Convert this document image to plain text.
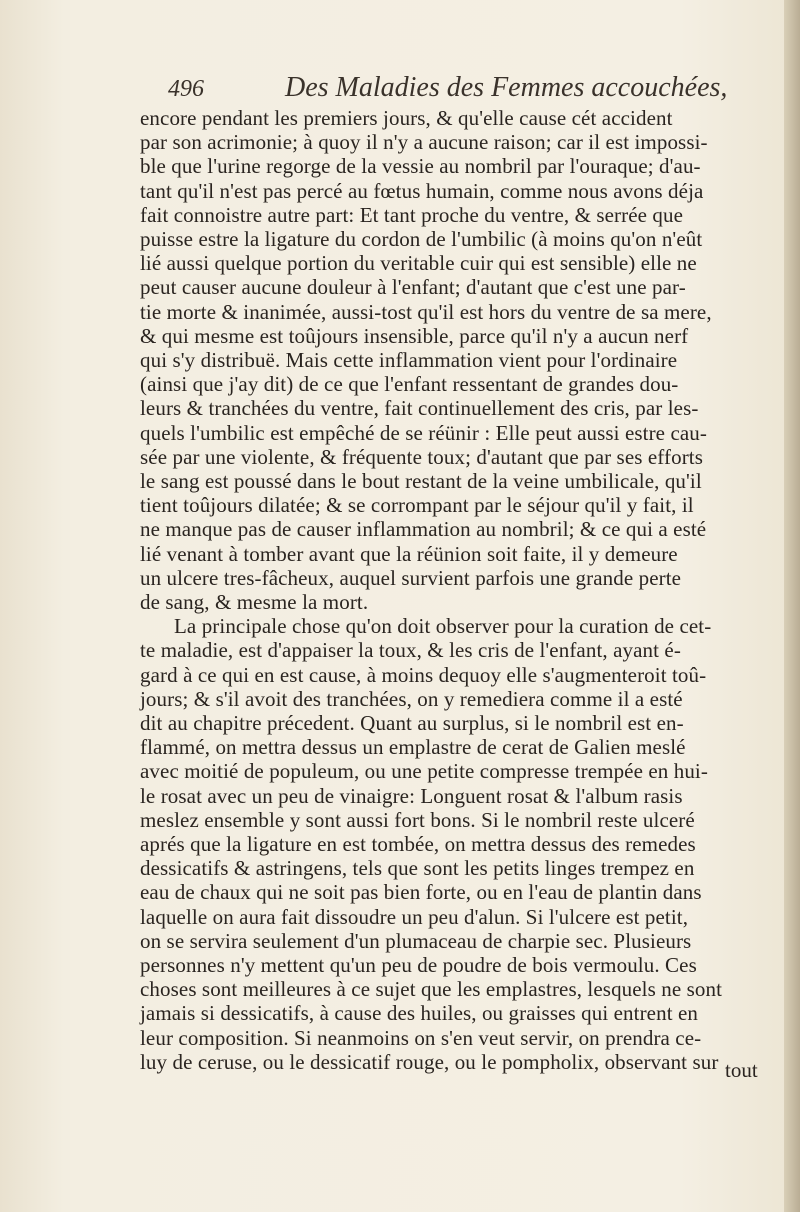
496	Des Maladies des Femmes accouchées,
encore pendant les premiers jours, & qu'elle cause cét accident
par son acrimonie; à quoy il n'y a aucune raison; car il est impossi-
ble que l'urine regorge de la vessie au nombril par l'ouraque; d'au-
tant qu'il n'est pas percé au fœtus humain, comme nous avons déja
fait connoistre autre part: Et tant proche du ventre, & serrée que
puisse estre la ligature du cordon de l'umbilic (à moins qu'on n'eût
lié aussi quelque portion du veritable cuir qui est sensible) elle ne
peut causer aucune douleur à l'enfant; d'autant que c'est une par-
tie morte & inanimée, aussi-tost qu'il est hors du ventre de sa mere,
& qui mesme est toûjours insensible, parce qu'il n'y a aucun nerf
qui s'y distribuë. Mais cette inflammation vient pour l'ordinaire
(ainsi que j'ay dit) de ce que l'enfant ressentant de grandes dou-
leurs & tranchées du ventre, fait continuellement des cris, par les-
quels l'umbilic est empêché de se réünir : Elle peut aussi estre cau-
sée par une violente, & fréquente toux; d'autant que par ses efforts
le sang est poussé dans le bout restant de la veine umbilicale, qu'il
tient toûjours dilatée; & se corrompant par le séjour qu'il y fait, il
ne manque pas de causer inflammation au nombril; & ce qui a esté
lié venant à tomber avant que la réünion soit faite, il y demeure
un ulcere tres-fâcheux, auquel survient parfois une grande perte
de sang, & mesme la mort.
La principale chose qu'on doit observer pour la curation de cet-
te maladie, est d'appaiser la toux, & les cris de l'enfant, ayant é-
gard à ce qui en est cause, à moins dequoy elle s'augmenteroit toû-
jours; & s'il avoit des tranchées, on y remediera comme il a esté
dit au chapitre précedent. Quant au surplus, si le nombril est en-
flammé, on mettra dessus un emplastre de cerat de Galien meslé
avec moitié de populeum, ou une petite compresse trempée en hui-
le rosat avec un peu de vinaigre: Longuent rosat & l'album rasis
meslez ensemble y sont aussi fort bons. Si le nombril reste ulceré
aprés que la ligature en est tombée, on mettra dessus des remedes
dessicatifs & astringens, tels que sont les petits linges trempez en
eau de chaux qui ne soit pas bien forte, ou en l'eau de plantin dans
laquelle on aura fait dissoudre un peu d'alun. Si l'ulcere est petit,
on se servira seulement d'un plumaceau de charpie sec. Plusieurs
personnes n'y mettent qu'un peu de poudre de bois vermoulu. Ces
choses sont meilleures à ce sujet que les emplastres, lesquels ne sont
jamais si dessicatifs, à cause des huiles, ou graisses qui entrent en
leur composition. Si neanmoins on s'en veut servir, on prendra ce-
luy de ceruse, ou le dessicatif rouge, ou le pompholix, observant sur tout
